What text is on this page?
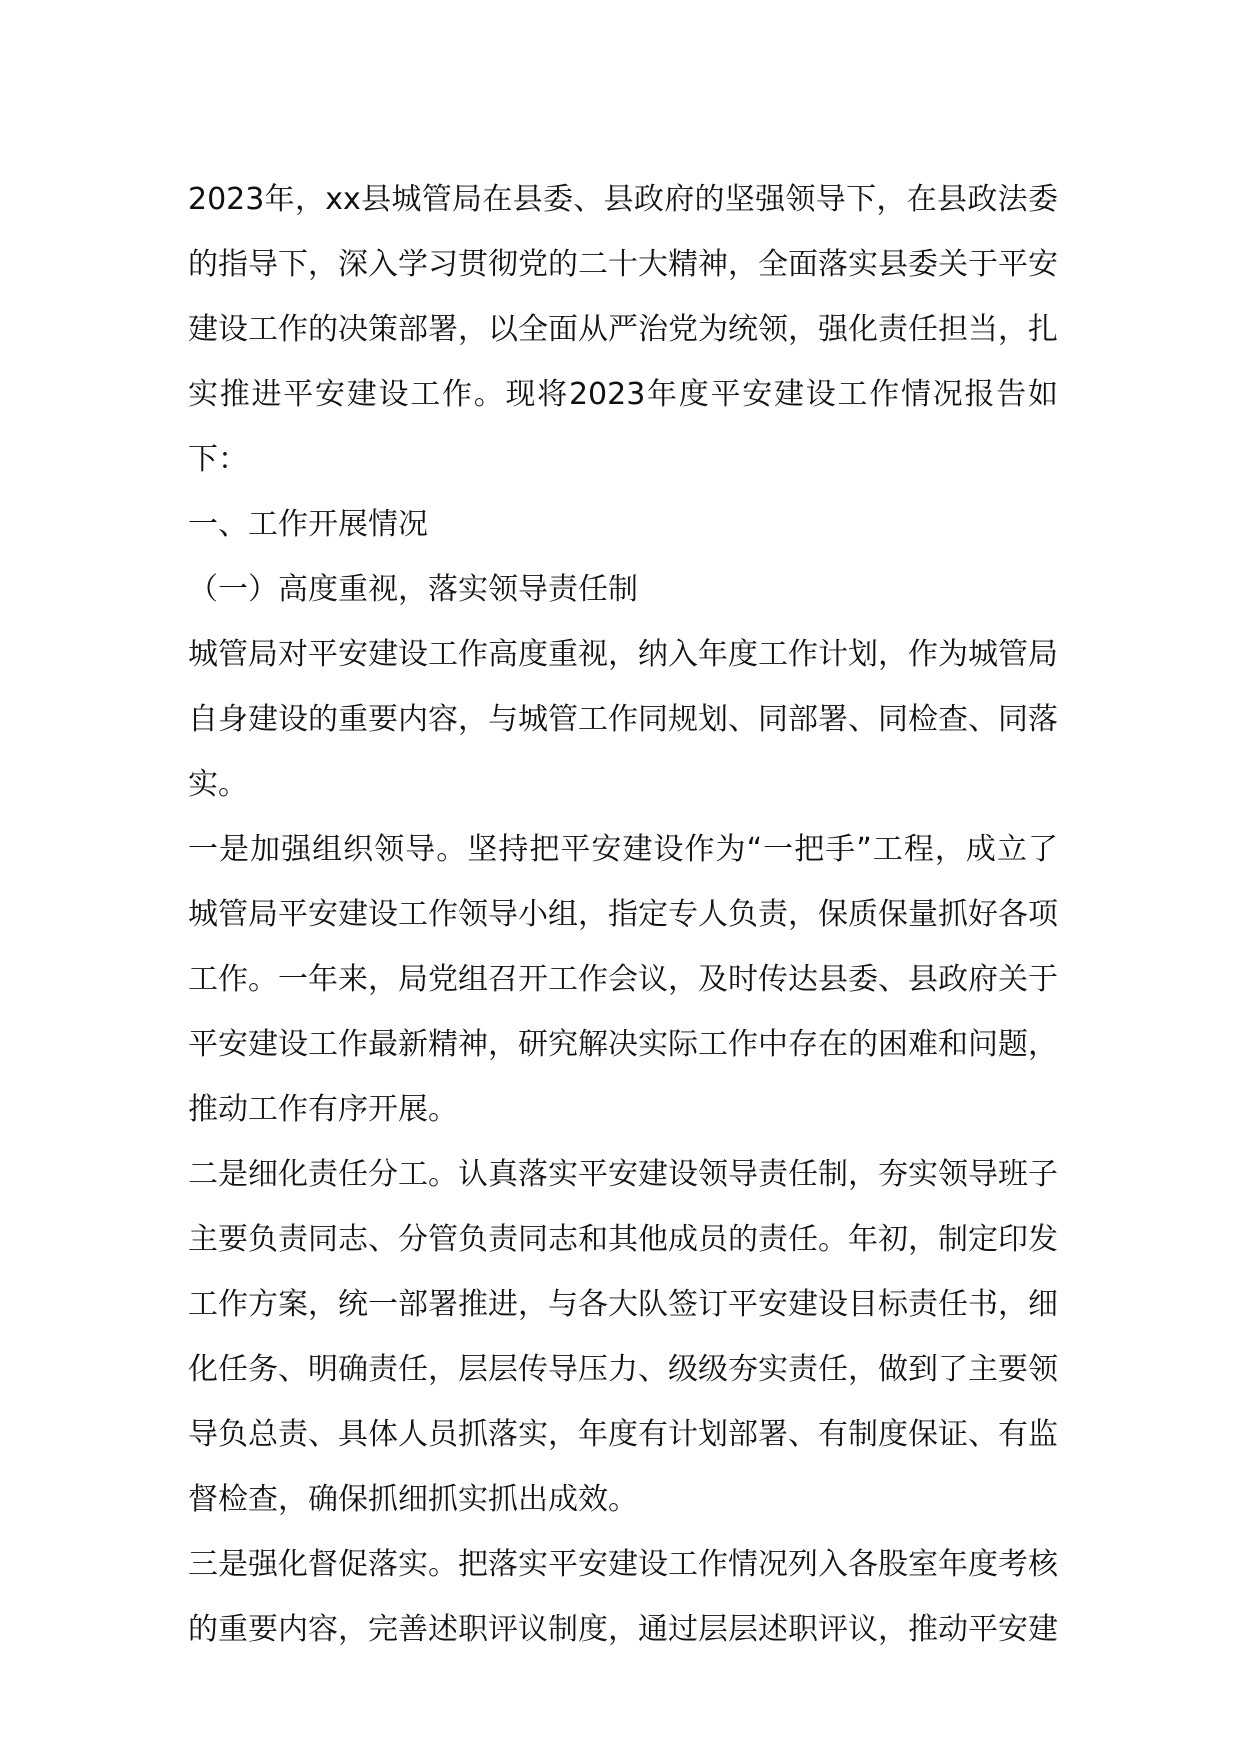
2023年，xx县城管局在县委、县政府的坚强领导下，在县政法委的指导下，深入学习贯彻党的二十大精神，全面落实县委关于平安建设工作的决策部署，以全面从严治党为统领，强化责任担当，扎实推进平安建设工作。现将2023年度平安建设工作情况报告如下：

一、工作开展情况

（一）高度重视，落实领导责任制

城管局对平安建设工作高度重视，纳入年度工作计划，作为城管局自身建设的重要内容，与城管工作同规划、同部署、同检查、同落实。

一是加强组织领导。坚持把平安建设作为“一把手”工程，成立了城管局平安建设工作领导小组，指定专人负责，保质保量抓好各项工作。一年来，局党组召开工作会议，及时传达县委、县政府关于平安建设工作最新精神，研究解决实际工作中存在的困难和问题，推动工作有序开展。

二是细化责任分工。认真落实平安建设领导责任制，夯实领导班子主要负责同志、分管负责同志和其他成员的责任。年初，制定印发工作方案，统一部署推进，与各大队签订平安建设目标责任书，细化任务、明确责任，层层传导压力、级级夯实责任，做到了主要领导负总责、具体人员抓落实，年度有计划部署、有制度保证、有监督检查，确保抓细抓实抓出成效。

三是强化督促落实。把落实平安建设工作情况列入各股室年度考核的重要内容，完善述职评议制度，通过层层述职评议，推动平安建
